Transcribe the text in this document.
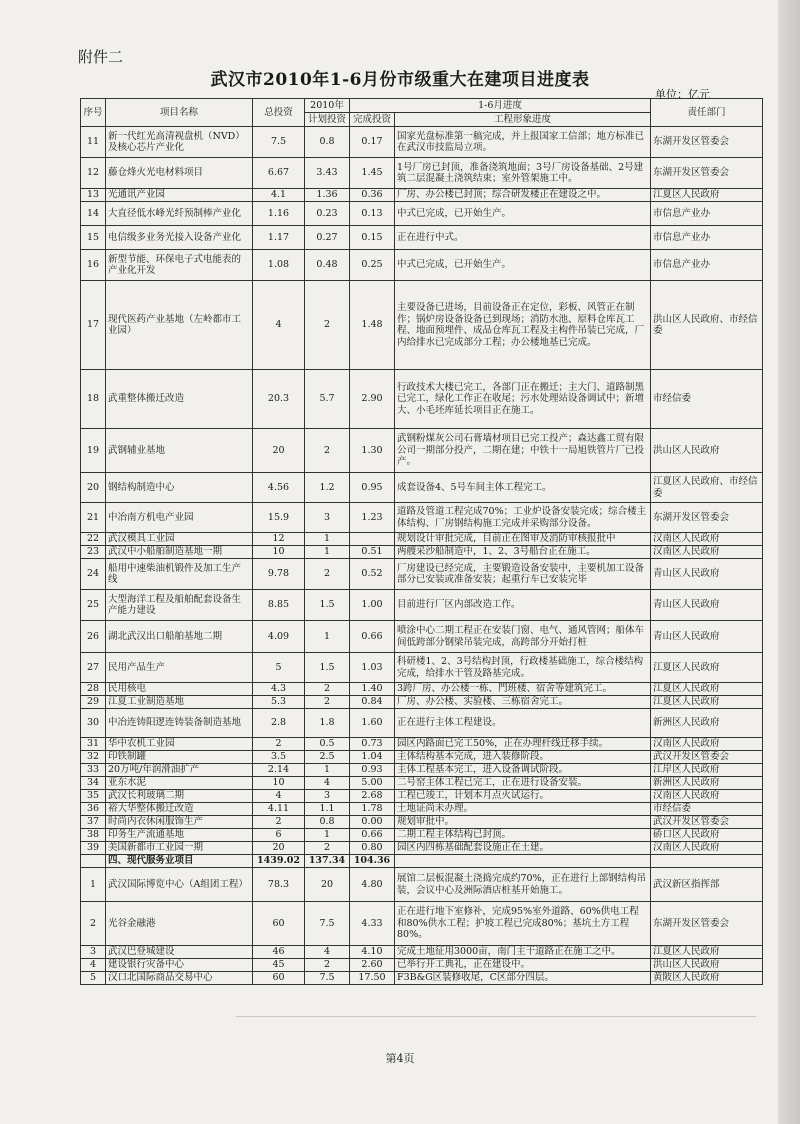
附件二
武汉市2010年1-6月份市级重大在建项目进度表
单位：亿元
序号	项目名称	总投资	2010年	1-6月进度		责任部门
			计划投资	完成投资	工程形象进度	
11	新一代红光高清视盘机（NVD）及核心芯片产业化	7.5	0.8	0.17	国家光盘标准第一稿完成，并上报国家工信部；地方标准已在武汉市技监局立项。	东湖开发区管委会
12	藤仓烽火光电材料项目	6.67	3.43	1.45	1号厂房已封顶，准备浇筑地面；3号厂房设备基础、2号建筑二层混凝土浇筑结束；室外管架施工中。	东湖开发区管委会
13	光通讯产业园	4.1	1.36	0.36	厂房、办公楼已封顶；综合研发楼正在建设之中。	江夏区人民政府
14	大直径低水峰光纤预制棒产业化	1.16	0.23	0.13	中式已完成，已开始生产。	市信息产业办
15	电信级多业务光接入设备产业化	1.17	0.27	0.15	正在进行中式。	市信息产业办
16	新型节能、环保电子式电能表的产业化开发	1.08	0.48	0.25	中式已完成，已开始生产。	市信息产业办
17	现代医药产业基地（左岭都市工业园）	4	2	1.48	主要设备已进场，目前设备正在定位，彩板、风管正在制作；锅炉房设备设备已到现场；消防水池、原料仓库瓦工程、地面预埋件、成品仓库瓦工程及主构件吊装已完成，厂内给排水已完成部分工程；办公楼地基已完成。	洪山区人民政府、市经信委
18	武重整体搬迁改造	20.3	5.7	2.90	行政技术大楼已完工，各部门正在搬迁；主大门、道路制黑已完工，绿化工作正在收尾；污水处理站设备调试中；新增大、小毛坯库延长项目正在施工。	市经信委
19	武钢辅业基地	20	2	1.30	武钢粉煤灰公司石膏墙材项目已完工投产；森达鑫工贸有限公司一期部分投产，二期在建；中铁十一局旭铁管片厂已投产。	洪山区人民政府
20	钢结构制造中心	4.56	1.2	0.95	成套设备4、5号车间主体工程完工。	江夏区人民政府、市经信委
21	中冶南方机电产业园	15.9	3	1.23	道路及管道工程完成70%；工业炉设备安装完成；综合楼主体结构、厂房钢结构施工完成并采购部分设备。	东湖开发区管委会
22	武汉模具工业园	12	1		规划设计审批完成，目前正在图审及消防审核报批中	汉南区人民政府
23	武汉中小船舶制造基地一期	10	1	0.51	两艘采沙船制造中，1、2、3号船台正在施工。	汉南区人民政府
24	船用中速柴油机锻件及加工生产线	9.78	2	0.52	厂房建设已经完成，主要锻造设备安装中，主要机加工设备部分已安装或准备安装；起重行车已安装完毕	青山区人民政府
25	大型海洋工程及船舶配套设备生产能力建设	8.85	1.5	1.00	目前进行厂区内部改造工作。	青山区人民政府
26	湖北武汉出口船舶基地二期	4.09	1	0.66	喷涂中心二期工程正在安装门窗、电气、通风管网；船体车间低跨部分钢梁吊装完成，高跨部分开始打桩	青山区人民政府
27	民用产品生产	5	1.5	1.03	科研楼1、2、3号结构封顶，行政楼基础施工，综合楼结构完成，给排水干管及路基完成。	江夏区人民政府
28	民用核电	4.3	2	1.40	3跨厂房、办公楼一栋、門班楼、宿舍等建筑完工。	江夏区人民政府
29	江夏工业制造基地	5.3	2	0.84	厂房、办公楼、实验楼、三栋宿舍完工。	江夏区人民政府
30	中冶连铸阳逻连铸装备制造基地	2.8	1.8	1.60	正在进行主体工程建设。	新洲区人民政府
31	华中农机工业园	2	0.5	0.73	园区内路面已完工50%，正在办理杆线迁移手续。	汉南区人民政府
32	印铁制罐	3.5	2.5	1.04	主体结构基本完成，进入装修阶段。	武汉开发区管委会
33	20万吨/年润滑油扩产	2.14	1	0.93	主体工程基本完工，进入设备调试阶段。	江岸区人民政府
34	亚东水泥	10	4	5.00	二号窑主体工程已完工，正在进行设备安装。	新洲区人民政府
35	武汉长利玻璃二期	4	3	2.68	工程已竣工，计划本月点火试运行。	汉南区人民政府
36	裕大华整体搬迁改造	4.11	1.1	1.78	土地证尚未办理。	市经信委
37	时尚内衣休闲服饰生产	2	0.8	0.00	规划审批中。	武汉开发区管委会
38	印务生产流通基地	6	1	0.66	二期工程主体结构已封顶。	硚口区人民政府
39	美国新都市工业园一期	20	2	0.80	园区内四栋基础配套设施正在土建。	汉南区人民政府
	四、现代服务业项目	1439.02	137.34	104.36		
1	武汉国际博览中心（A组团工程）	78.3	20	4.80	展馆二层板混凝土浇捣完成约70%，正在进行上部钢结构吊装，会议中心及洲际酒店桩基开始施工。	武汉新区指挥部
2	光谷金融港	60	7.5	4.33	正在进行地下室修补，完成95%室外道路、60%供电工程和80%供水工程；护坡工程已完成80%；基坑土方工程80%。	东湖开发区管委会
3	武汉巴登城建设	46	4	4.10	完成土地征用3000亩，南门主干道路正在施工之中。	江夏区人民政府
4	建设银行灾备中心	45	2	2.60	已举行开工典礼，正在建设中。	洪山区人民政府
5	汉口北国际商品交易中心	60	7.5	17.50	F3B&G区装修收尾，C区部分四层。	黄陂区人民政府
第4页
